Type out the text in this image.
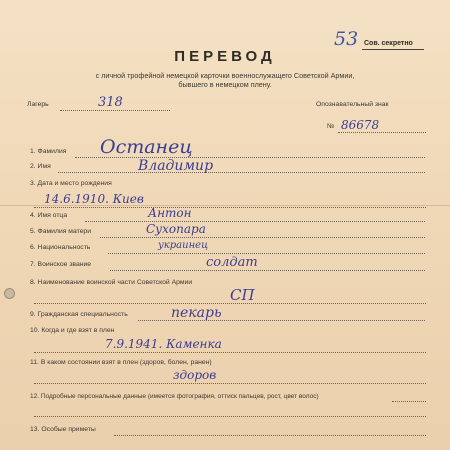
53 Сов. секретно
ПЕРЕВОД
с личной трофейной немецкой карточки военнослужащего Советской Армии,
бывшего в немецком плену.
Лагерь	318	Опознавательный знак
№ 86678
1. Фамилия Останец
2. Имя	Владимир
3. Дата и место рождения
14.6.1910. Киев
4. Имя отца	Антон
5. Фамилия матери	Сухопара
6. Национальность	украинец
7. Воинское звание	солдат
8. Наименование воинской части Советской Армии
СП
9. Гражданская специальность	пекарь
10. Когда и где взят в плен
7.9.1941. Каменка
11. В каком состоянии взят в плен (здоров, болен, ранен)
здоров
12. Подробные персональные данные (имеется фотография, оттиск пальцев, рост, цвет волос)
13. Особые приметы
